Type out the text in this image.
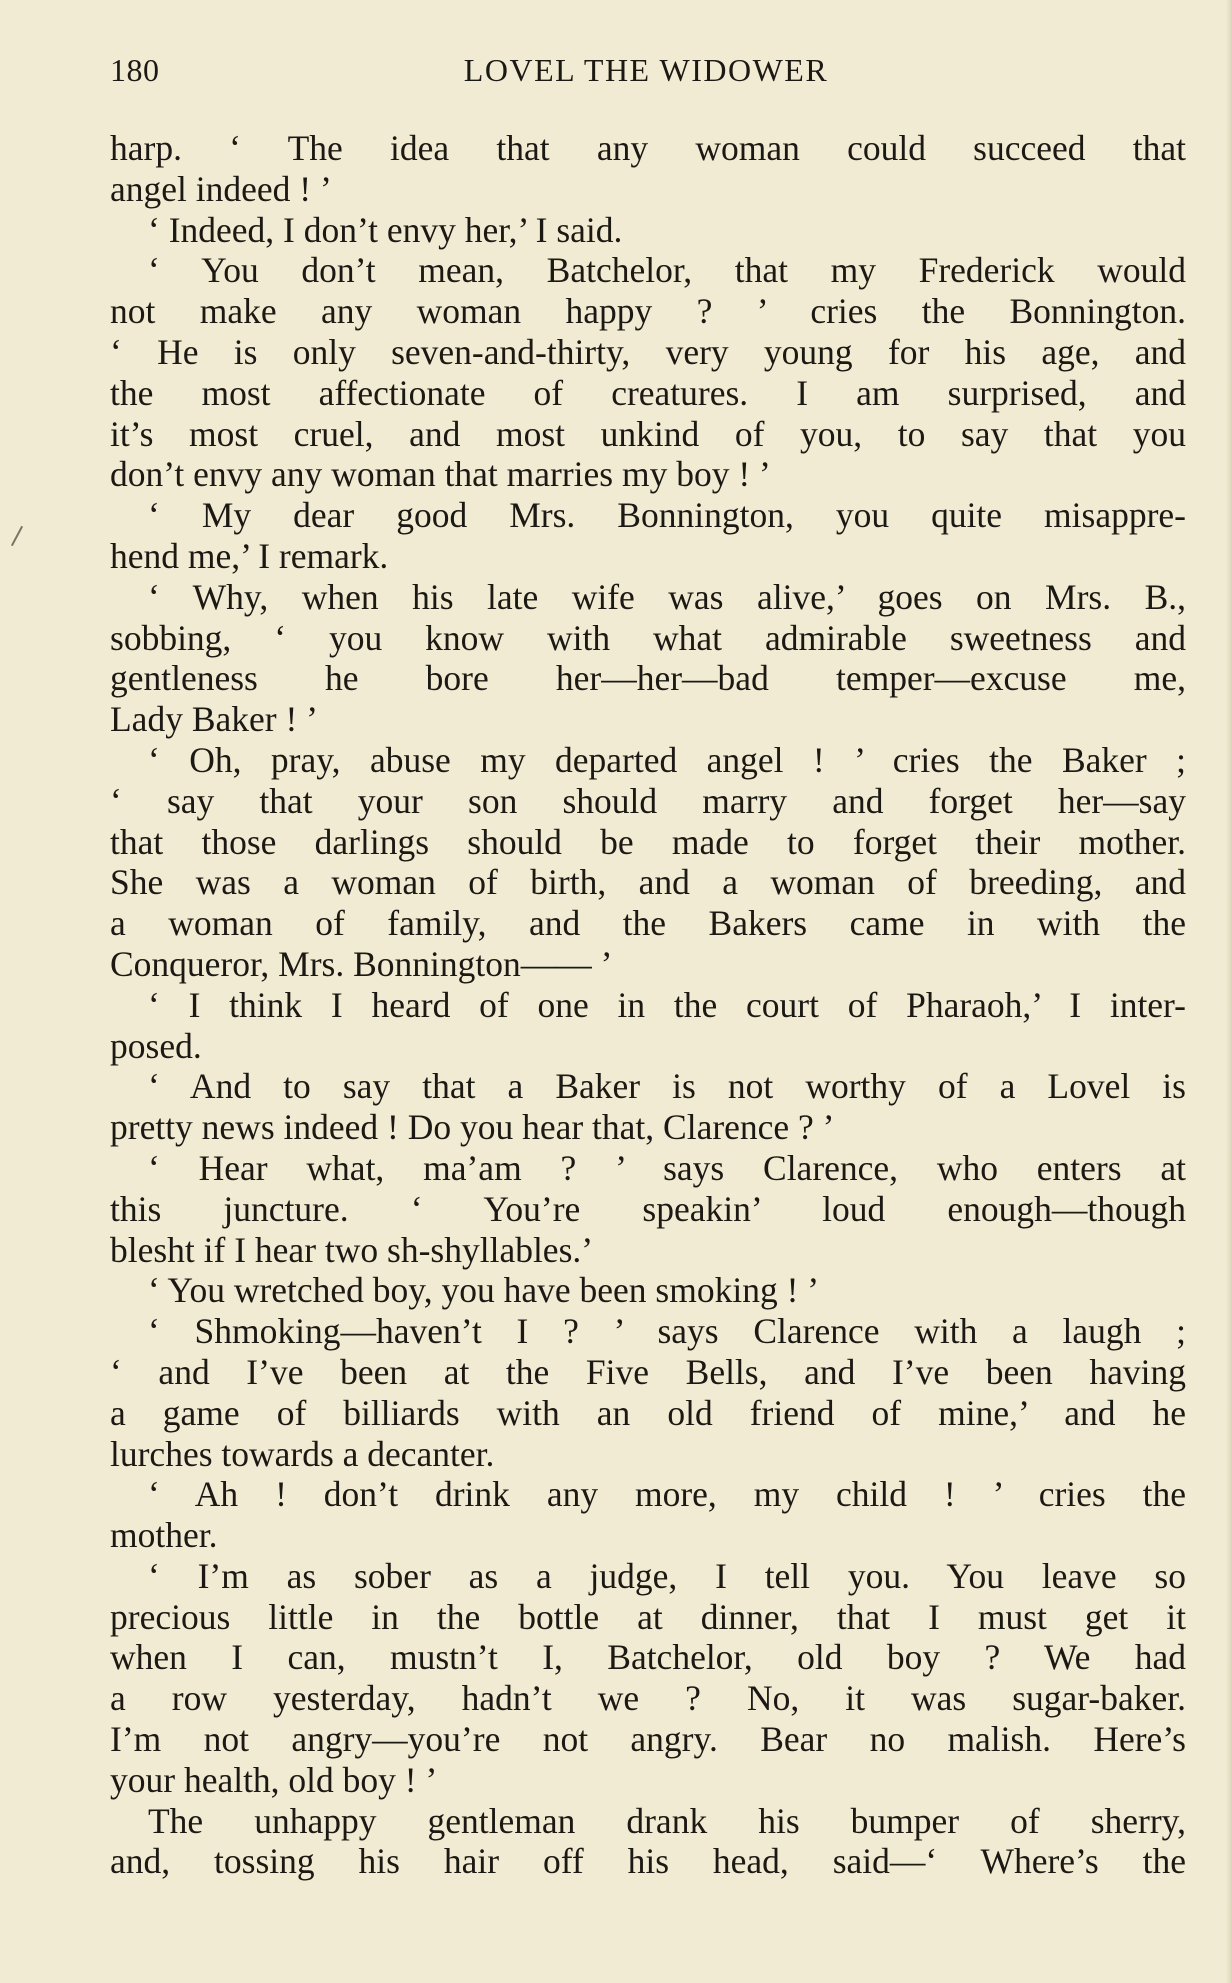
180	LOVEL THE WIDOWER
harp. ‘ The idea that any woman could succeed that
angel indeed ! ’
‘ Indeed, I don’t envy her,’ I said.
‘ You don’t mean, Batchelor, that my Frederick would
not make any woman happy ? ’ cries the Bonnington.
‘ He is only seven-and-thirty, very young for his age, and
the most affectionate of creatures. I am surprised, and
it’s most cruel, and most unkind of you, to say that you
don’t envy any woman that marries my boy ! ’
‘ My dear good Mrs. Bonnington, you quite misappre-
hend me,’ I remark.
‘ Why, when his late wife was alive,’ goes on Mrs. B.,
sobbing, ‘ you know with what admirable sweetness and
gentleness he bore her—her—bad temper—excuse me,
Lady Baker ! ’
‘ Oh, pray, abuse my departed angel ! ’ cries the Baker ;
‘ say that your son should marry and forget her—say
that those darlings should be made to forget their mother.
She was a woman of birth, and a woman of breeding, and
a woman of family, and the Bakers came in with the
Conqueror, Mrs. Bonnington—— ’
‘ I think I heard of one in the court of Pharaoh,’ I inter-
posed.
‘ And to say that a Baker is not worthy of a Lovel is
pretty news indeed ! Do you hear that, Clarence ? ’
‘ Hear what, ma’am ? ’ says Clarence, who enters at
this juncture. ‘ You’re speakin’ loud enough—though
blesht if I hear two sh-shyllables.’
‘ You wretched boy, you have been smoking ! ’
‘ Shmoking—haven’t I ? ’ says Clarence with a laugh ;
‘ and I’ve been at the Five Bells, and I’ve been having
a game of billiards with an old friend of mine,’ and he
lurches towards a decanter.
‘ Ah ! don’t drink any more, my child ! ’ cries the
mother.
‘ I’m as sober as a judge, I tell you. You leave so
precious little in the bottle at dinner, that I must get it
when I can, mustn’t I, Batchelor, old boy ? We had
a row yesterday, hadn’t we ? No, it was sugar-baker.
I’m not angry—you’re not angry. Bear no malish. Here’s
your health, old boy ! ’
The unhappy gentleman drank his bumper of sherry,
and, tossing his hair off his head, said—‘ Where’s the
